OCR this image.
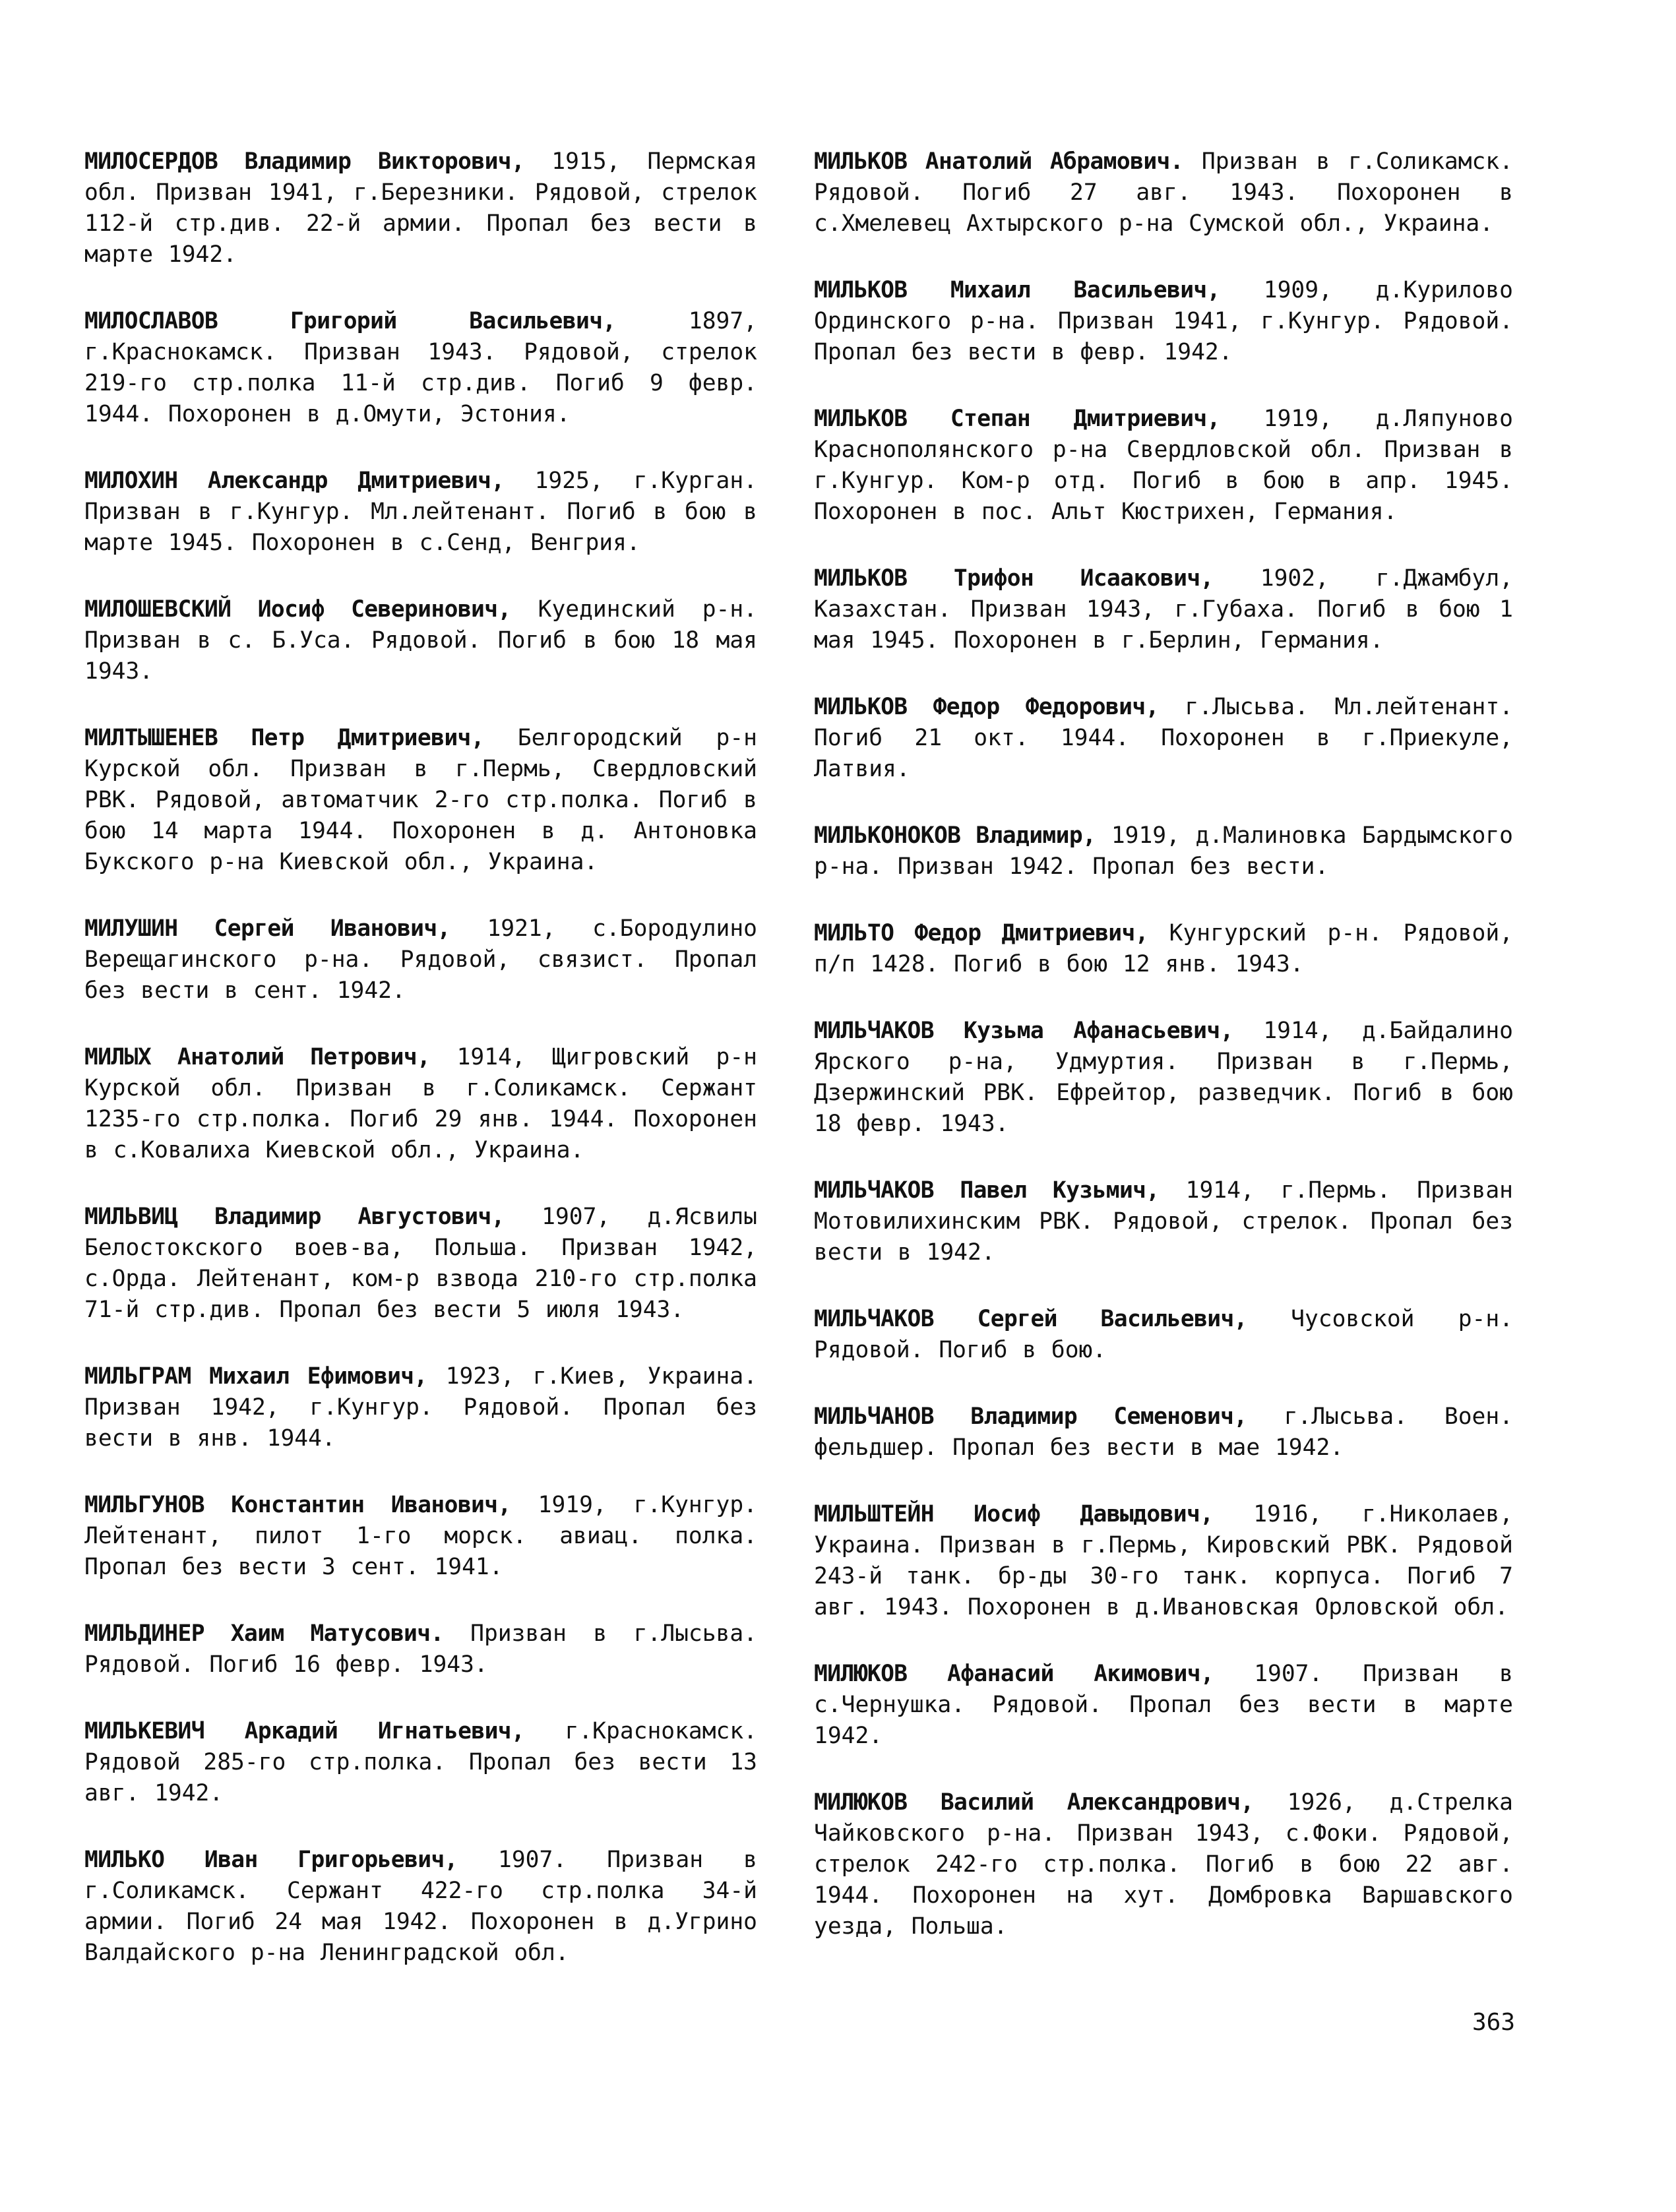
МИЛОСЕРДОВ Владимир Викторович, 1915, Пермская обл. Призван 1941, г.Березники. Рядовой, стрелок 112-й стр.див. 22-й армии. Пропал без вести в марте 1942.

МИЛОСЛАВОВ Григорий Васильевич,	1897, г.Краснокамск. Призван 1943. Рядовой, стрелок 219-го стр.полка 11-й стр.див. Погиб 9 февр. 1944. Похоронен в д.Омути, Эстония.

МИЛОХИН Александр Дмитриевич, 1925, г.Курган. Призван в г.Кунгур. Мл.лейтенант. Погиб в бою в марте 1945. Похоронен в с.Сенд, Венгрия.

МИЛОШЕВСКИЙ Иосиф Северинович, Куединский р-н. Призван в с. Б.Уса. Рядовой. Погиб в бою 18 мая 1943.

МИЛТЫШЕНЕВ Петр Дмитриевич, Белгородский р-н Курской обл. Призван в г.Пермь, Свердловский РВК. Рядовой, автоматчик 2-го стр.полка. Погиб в бою 14 марта 1944. Похоронен в д. Антоновка Букского р-на Киевской обл., Украина.

МИЛУШИН Сергей Иванович, 1921, с.Бородулино Верещагинского р-на. Рядовой, связист. Пропал без вести в сент. 1942.

МИЛЫХ Анатолий Петрович, 1914, Щигровский р-н Курской обл. Призван в г.Соликамск. Сержант 1235-го стр.полка. Погиб 29 янв. 1944. Похоронен в с.Ковалиха Киевской обл., Украина.

МИЛЬВИЦ Владимир Августович, 1907, д.Ясвилы Белостокского воев-ва, Польша. Призван 1942, с.Орда. Лейтенант, ком-р взвода 210-го стр.полка 71-й стр.див. Пропал без вести 5 июля 1943.

МИЛЬГРАМ Михаил Ефимович, 1923, г.Киев, Украина. Призван 1942, г.Кунгур. Рядовой. Пропал без вести в янв. 1944.

МИЛЬГУНОВ Константин Иванович, 1919, г.Кунгур. Лейтенант, пилот 1-го морск. авиац. полка. Пропал без вести 3 сент. 1941.

МИЛЬДИНЕР Хаим Матусович. Призван в г.Лысьва. Рядовой. Погиб 16 февр. 1943.

МИЛЬКЕВИЧ Аркадий Игнатьевич, г.Краснокамск. Рядовой 285-го стр.полка. Пропал без вести 13 авг. 1942.

МИЛЬКО Иван Григорьевич, 1907. Призван в г.Соликамск. Сержант 422-го стр.полка 34-й армии. Погиб 24 мая 1942. Похоронен в д.Угрино Валдайского р-на Ленинградской обл.

МИЛЬКОВ Анатолий Абрамович. Призван в г.Соликамск. Рядовой. Погиб 27 авг. 1943. Похоронен в с.Хмелевец Ахтырского р-на Сумской обл., Украина.

МИЛЬКОВ Михаил Васильевич, 1909, д.Курилово Ординского р-на. Призван 1941, г.Кунгур. Рядовой. Пропал без вести в февр. 1942.

МИЛЬКОВ Степан Дмитриевич, 1919, д.Ляпуново Краснополянского р-на Свердловской обл. Призван в г.Кунгур. Ком-р отд. Погиб в бою в апр. 1945. Похоронен в пос. Альт Кюстрихен, Германия.

МИЛЬКОВ Трифон Исаакович, 1902, г.Джамбул, Казахстан. Призван 1943, г.Губаха. Погиб в бою 1 мая 1945. Похоронен в г.Берлин, Германия.

МИЛЬКОВ Федор Федорович, г.Лысьва. Мл.лейтенант. Погиб 21 окт. 1944. Похоронен в г.Приекуле, Латвия.

МИЛЬКОНОКОВ Владимир, 1919, д.Малиновка Бардымского р-на. Призван 1942. Пропал без вести.

МИЛЬТО Федор Дмитриевич, Кунгурский р-н. Рядовой, п/п 1428. Погиб в бою 12 янв. 1943.

МИЛЬЧАКОВ Кузьма Афанасьевич, 1914, д.Байдалино Ярского р-на, Удмуртия. Призван в г.Пермь, Дзержинский РВК. Ефрейтор, разведчик. Погиб в бою 18 февр. 1943.

МИЛЬЧАКОВ Павел Кузьмич, 1914, г.Пермь. Призван Мотовилихинским РВК. Рядовой, стрелок. Пропал без вести в 1942.

МИЛЬЧАКОВ Сергей Васильевич, Чусовской р-н. Рядовой. Погиб в бою.

МИЛЬЧАНОВ Владимир Семенович, г.Лысьва. Воен. фельдшер. Пропал без вести в мае 1942.

МИЛЬШТЕЙН Иосиф Давыдович, 1916, г.Николаев, Украина. Призван в г.Пермь, Кировский РВК. Рядовой 243-й танк. бр-ды 30-го танк. корпуса. Погиб 7 авг. 1943. Похоронен в д.Ивановская Орловской обл.

МИЛЮКОВ Афанасий Акимович, 1907. Призван в с.Чернушка. Рядовой. Пропал без вести в марте 1942.

МИЛЮКОВ Василий Александрович, 1926, д.Стрелка Чайковского р-на. Призван 1943, с.Фоки. Рядовой, стрелок 242-го стр.полка. Погиб в бою 22 авг. 1944. Похоронен на хут. Домбровка Варшавского уезда, Польша.

363
